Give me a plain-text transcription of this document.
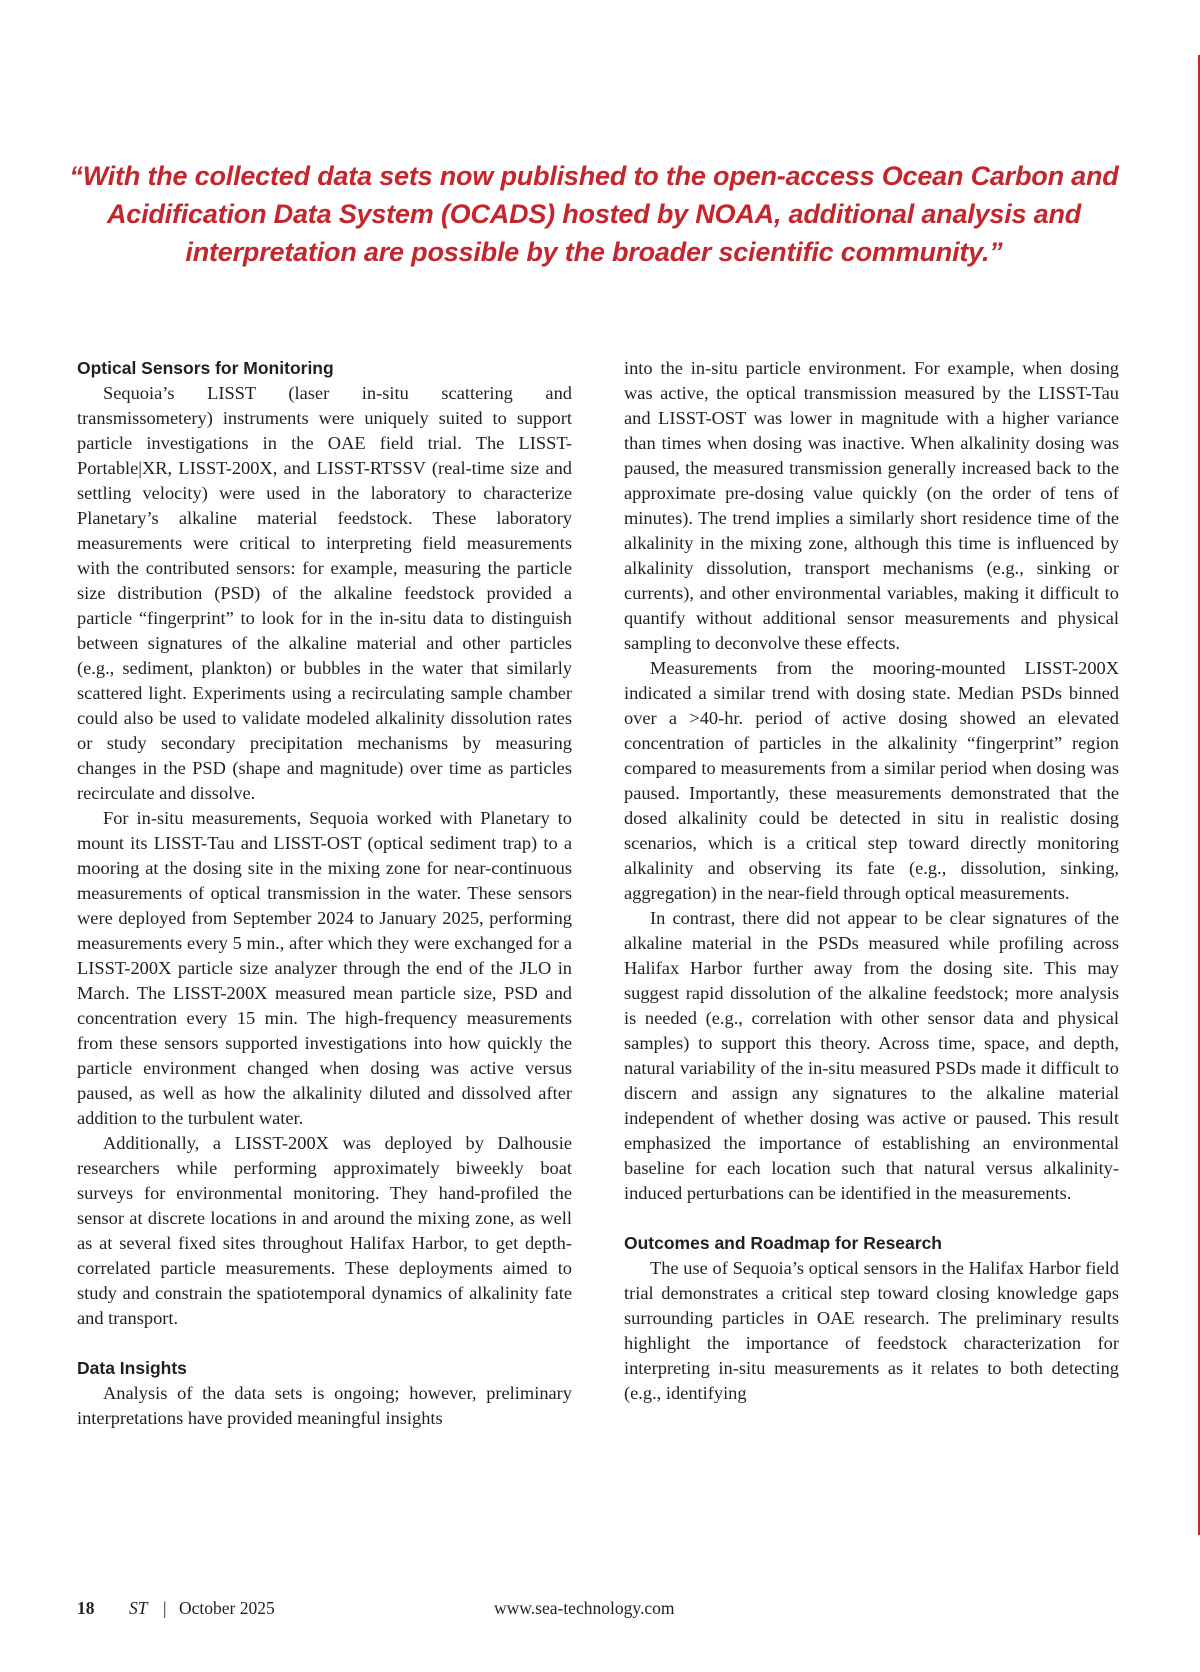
“With the collected data sets now published to the open-access Ocean Carbon and Acidification Data System (OCADS) hosted by NOAA, additional analysis and interpretation are possible by the broader scientific community.”

Optical Sensors for Monitoring

Sequoia’s LISST (laser in-situ scattering and transmissometery) instruments were uniquely suited to support particle investigations in the OAE field trial. The LISST-Portable|XR, LISST-200X, and LISST-RTSSV (real-time size and settling velocity) were used in the laboratory to characterize Planetary’s alkaline material feedstock. These laboratory measurements were critical to interpreting field measurements with the contributed sensors: for example, measuring the particle size distribution (PSD) of the alkaline feedstock provided a particle “fingerprint” to look for in the in-situ data to distinguish between signatures of the alkaline material and other particles (e.g., sediment, plankton) or bubbles in the water that similarly scattered light. Experiments using a recirculating sample chamber could also be used to validate modeled alkalinity dissolution rates or study secondary precipitation mechanisms by measuring changes in the PSD (shape and magnitude) over time as particles recirculate and dissolve.

For in-situ measurements, Sequoia worked with Planetary to mount its LISST-Tau and LISST-OST (optical sediment trap) to a mooring at the dosing site in the mixing zone for near-continuous measurements of optical transmission in the water. These sensors were deployed from September 2024 to January 2025, performing measurements every 5 min., after which they were exchanged for a LISST-200X particle size analyzer through the end of the JLO in March. The LISST-200X measured mean particle size, PSD and concentration every 15 min. The high-frequency measurements from these sensors supported investigations into how quickly the particle environment changed when dosing was active versus paused, as well as how the alkalinity diluted and dissolved after addition to the turbulent water.

Additionally, a LISST-200X was deployed by Dalhousie researchers while performing approximately biweekly boat surveys for environmental monitoring. They hand-profiled the sensor at discrete locations in and around the mixing zone, as well as at several fixed sites throughout Halifax Harbor, to get depth-correlated particle measurements. These deployments aimed to study and constrain the spatiotemporal dynamics of alkalinity fate and transport.

Data Insights

Analysis of the data sets is ongoing; however, preliminary interpretations have provided meaningful insights

into the in-situ particle environment. For example, when dosing was active, the optical transmission measured by the LISST-Tau and LISST-OST was lower in magnitude with a higher variance than times when dosing was inactive. When alkalinity dosing was paused, the measured transmission generally increased back to the approximate pre-dosing value quickly (on the order of tens of minutes). The trend implies a similarly short residence time of the alkalinity in the mixing zone, although this time is influenced by alkalinity dissolution, transport mechanisms (e.g., sinking or currents), and other environmental variables, making it difficult to quantify without additional sensor measurements and physical sampling to deconvolve these effects.

Measurements from the mooring-mounted LISST-200X indicated a similar trend with dosing state. Median PSDs binned over a >40-hr. period of active dosing showed an elevated concentration of particles in the alkalinity “fingerprint” region compared to measurements from a similar period when dosing was paused. Importantly, these measurements demonstrated that the dosed alkalinity could be detected in situ in realistic dosing scenarios, which is a critical step toward directly monitoring alkalinity and observing its fate (e.g., dissolution, sinking, aggregation) in the near-field through optical measurements.

In contrast, there did not appear to be clear signatures of the alkaline material in the PSDs measured while profiling across Halifax Harbor further away from the dosing site. This may suggest rapid dissolution of the alkaline feedstock; more analysis is needed (e.g., correlation with other sensor data and physical samples) to support this theory. Across time, space, and depth, natural variability of the in-situ measured PSDs made it difficult to discern and assign any signatures to the alkaline material independent of whether dosing was active or paused. This result emphasized the importance of establishing an environmental baseline for each location such that natural versus alkalinity-induced perturbations can be identified in the measurements.

Outcomes and Roadmap for Research

The use of Sequoia’s optical sensors in the Halifax Harbor field trial demonstrates a critical step toward closing knowledge gaps surrounding particles in OAE research. The preliminary results highlight the importance of feedstock characterization for interpreting in-situ measurements as it relates to both detecting (e.g., identifying

18 ST | October 2025	www.sea-technology.com
